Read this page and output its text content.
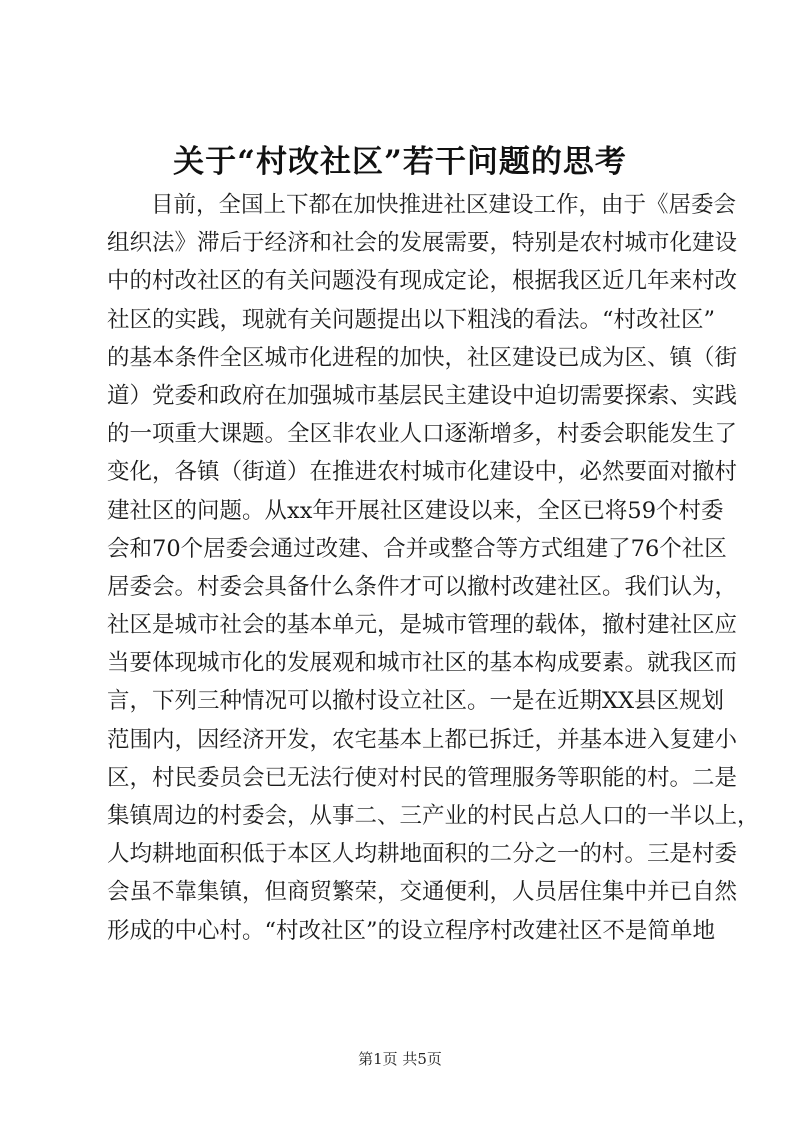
关于“村改社区”若干问题的思考
目前，全国上下都在加快推进社区建设工作，由于《居委会
组织法》滞后于经济和社会的发展需要，特别是农村城市化建设
中的村改社区的有关问题没有现成定论，根据我区近几年来村改
社区的实践，现就有关问题提出以下粗浅的看法。“村改社区”
的基本条件全区城市化进程的加快，社区建设已成为区、镇（街
道）党委和政府在加强城市基层民主建设中迫切需要探索、实践
的一项重大课题。全区非农业人口逐渐增多，村委会职能发生了
变化，各镇（街道）在推进农村城市化建设中，必然要面对撤村
建社区的问题。从xx年开展社区建设以来，全区已将59个村委
会和70个居委会通过改建、合并或整合等方式组建了76个社区
居委会。村委会具备什么条件才可以撤村改建社区。我们认为，
社区是城市社会的基本单元，是城市管理的载体，撤村建社区应
当要体现城市化的发展观和城市社区的基本构成要素。就我区而
言，下列三种情况可以撤村设立社区。一是在近期XX县区规划
范围内，因经济开发，农宅基本上都已拆迁，并基本进入复建小
区，村民委员会已无法行使对村民的管理服务等职能的村。二是
集镇周边的村委会，从事二、三产业的村民占总人口的一半以上，
人均耕地面积低于本区人均耕地面积的二分之一的村。三是村委
会虽不靠集镇，但商贸繁荣，交通便利，人员居住集中并已自然
形成的中心村。“村改社区”的设立程序村改建社区不是简单地
第1页 共5页
